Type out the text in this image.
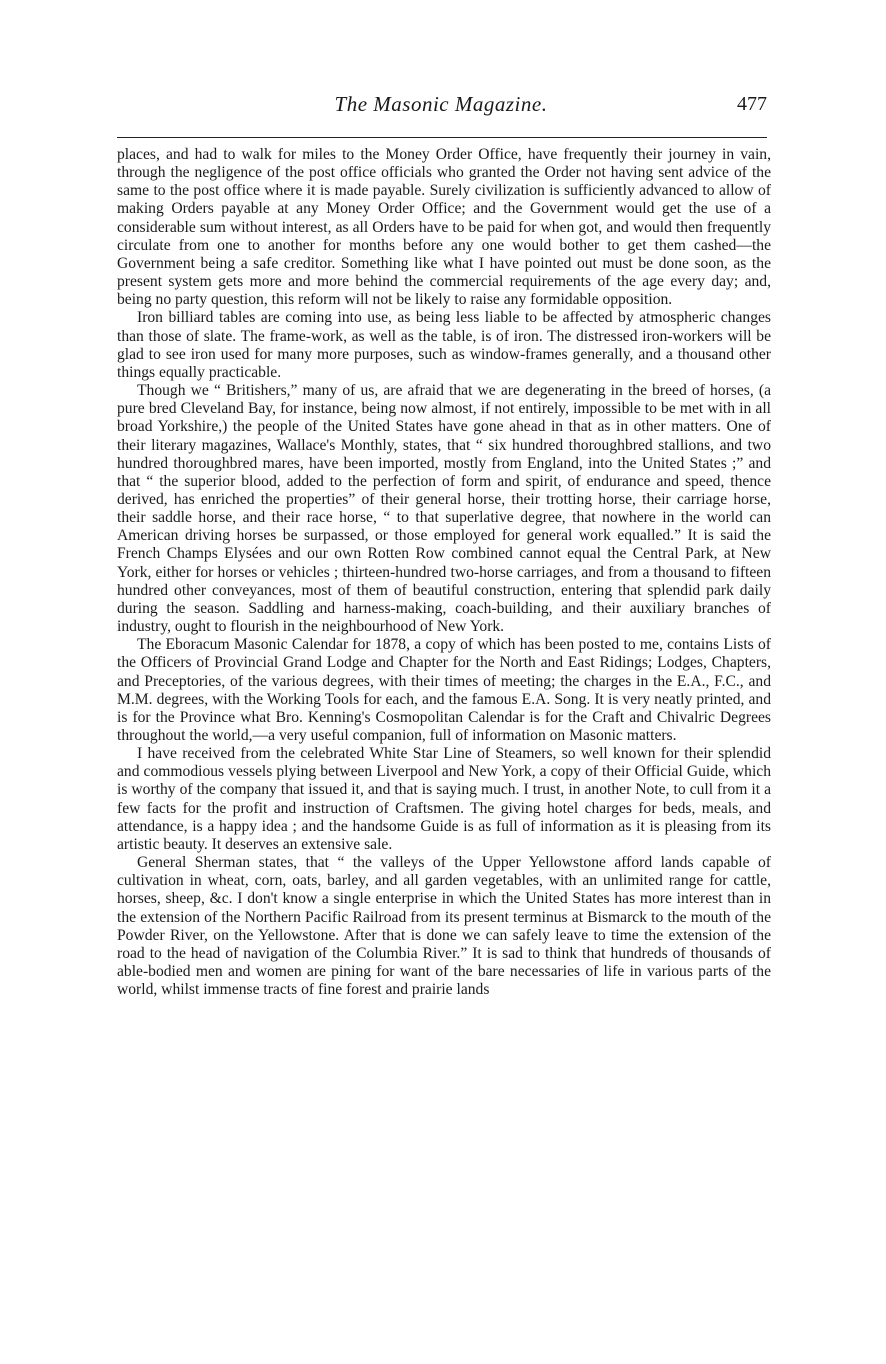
The Masonic Magazine.	477

places, and had to walk for miles to the Money Order Office, have frequently their journey in vain, through the negligence of the post office officials who granted the Order not having sent advice of the same to the post office where it is made payable. Surely civilization is sufficiently advanced to allow of making Orders payable at any Money Order Office; and the Government would get the use of a considerable sum without interest, as all Orders have to be paid for when got, and would then frequently circulate from one to another for months before any one would bother to get them cashed—the Government being a safe creditor. Something like what I have pointed out must be done soon, as the present system gets more and more behind the commercial requirements of the age every day; and, being no party question, this reform will not be likely to raise any formidable opposition.

Iron billiard tables are coming into use, as being less liable to be affected by atmospheric changes than those of slate. The frame-work, as well as the table, is of iron. The distressed iron-workers will be glad to see iron used for many more purposes, such as window-frames generally, and a thousand other things equally practicable.

Though we “ Britishers,” many of us, are afraid that we are degenerating in the breed of horses, (a pure bred Cleveland Bay, for instance, being now almost, if not entirely, impossible to be met with in all broad Yorkshire,) the people of the United States have gone ahead in that as in other matters. One of their literary magazines, Wallace's Monthly, states, that “ six hundred thoroughbred stallions, and two hundred thoroughbred mares, have been imported, mostly from England, into the United States ;” and that “ the superior blood, added to the perfection of form and spirit, of endurance and speed, thence derived, has enriched the properties” of their general horse, their trotting horse, their carriage horse, their saddle horse, and their race horse, “ to that superlative degree, that nowhere in the world can American driving horses be surpassed, or those employed for general work equalled.” It is said the French Champs Elysées and our own Rotten Row combined cannot equal the Central Park, at New York, either for horses or vehicles ; thirteen-hundred two-horse carriages, and from a thousand to fifteen hundred other conveyances, most of them of beautiful construction, entering that splendid park daily during the season. Saddling and harness-making, coach-building, and their auxiliary branches of industry, ought to flourish in the neighbourhood of New York.

The Eboracum Masonic Calendar for 1878, a copy of which has been posted to me, contains Lists of the Officers of Provincial Grand Lodge and Chapter for the North and East Ridings; Lodges, Chapters, and Preceptories, of the various degrees, with their times of meeting; the charges in the E.A., F.C., and M.M. degrees, with the Working Tools for each, and the famous E.A. Song. It is very neatly printed, and is for the Province what Bro. Kenning's Cosmopolitan Calendar is for the Craft and Chivalric Degrees throughout the world,—a very useful companion, full of information on Masonic matters.

I have received from the celebrated White Star Line of Steamers, so well known for their splendid and commodious vessels plying between Liverpool and New York, a copy of their Official Guide, which is worthy of the company that issued it, and that is saying much. I trust, in another Note, to cull from it a few facts for the profit and instruction of Craftsmen. The giving hotel charges for beds, meals, and attendance, is a happy idea ; and the handsome Guide is as full of information as it is pleasing from its artistic beauty. It deserves an extensive sale.

General Sherman states, that “ the valleys of the Upper Yellowstone afford lands capable of cultivation in wheat, corn, oats, barley, and all garden vegetables, with an unlimited range for cattle, horses, sheep, &c. I don't know a single enterprise in which the United States has more interest than in the extension of the Northern Pacific Railroad from its present terminus at Bismarck to the mouth of the Powder River, on the Yellowstone. After that is done we can safely leave to time the extension of the road to the head of navigation of the Columbia River.” It is sad to think that hundreds of thousands of able-bodied men and women are pining for want of the bare necessaries of life in various parts of the world, whilst immense tracts of fine forest and prairie lands
